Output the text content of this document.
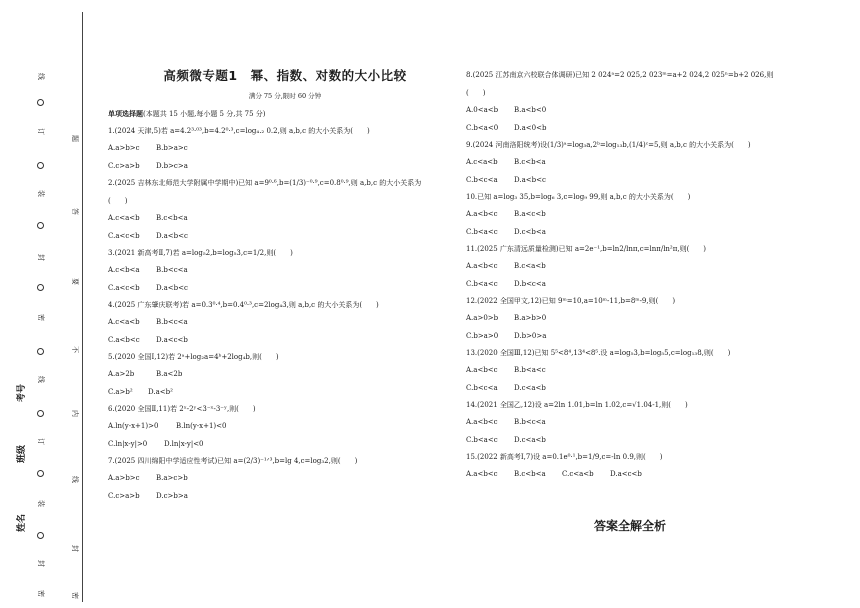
线
订
装
封
密
线
订
装
封
密
题
答
要
不
内
线
封
密
考号
班级
姓名
高频微专题1　幂、指数、对数的大小比较
满分 75 分,限时 60 分钟
单项选择题(本题共 15 小题,每小题 5 分,共 75 分)
1.(2024 天津,5)若 a=4.2³·⁰³,b=4.2⁰·³,c=log₄.₂ 0.2,则 a,b,c 的大小关系为(　　)
A.a>b>c	B.b>a>c
C.c>a>b	D.b>c>a
2.(2025 吉林东北师范大学附属中学期中)已知 a=9⁰·⁶,b=(1/3)⁻⁰·⁹,c=0.8⁰·⁹,则 a,b,c 的大小关系为
(　　)
A.c<a<b	B.c<b<a
C.a<c<b	D.a<b<c
3.(2021 新高考Ⅱ,7)若 a=log₅2,b=log₅3,c=1/2,则(　　)
A.c<b<a	B.b<c<a
C.a<c<b	D.a<b<c
4.(2025 广东肇庆联考)若 a=0.3⁰·⁴,b=0.4⁰·³,c=2log₄3,则 a,b,c 的大小关系为(　　)
A.c<a<b	B.b<c<a
C.a<b<c	D.a<c<b
5.(2020 全国Ⅰ,12)若 2ᵃ+log₂a=4ᵇ+2log₄b,则(　　)
A.a>2b	B.a<2b
C.a>b²	D.a<b²
6.(2020 全国Ⅱ,11)若 2ˣ-2ʸ<3⁻ˣ-3⁻ʸ,则(　　)
A.ln(y-x+1)>0	B.ln(y-x+1)<0
C.ln|x-y|>0	D.ln|x-y|<0
7.(2025 四川绵阳中学适应性考试)已知 a=(2/3)⁻¹ᐟ³,b=lg 4,c=log₃2,则(　　)
A.a>b>c	B.a>c>b
C.c>a>b	D.c>b>a
8.(2025 江苏南京六校联合体调研)已知 2 024ᵃ=2 025,2 023ᵐ=a+2 024,2 025ⁿ=b+2 026,则
(　　)
A.0<a<b	B.a<b<0
C.b<a<0	D.a<0<b
9.(2024 河南洛阳统考)设(1/3)ᵃ=log₃a,2ᵇ=log₁₃b,(1/4)ᶜ=5,则 a,b,c 的大小关系为(　　)
A.c<a<b	B.c<b<a
C.b<c<a	D.a<b<c
10.已知 a=log₃ 35,b=log₆ 3,c=log₉ 99,则 a,b,c 的大小关系为(　　)
A.a<b<c	B.a<c<b
C.b<a<c	D.c<b<a
11.(2025 广东清远质量检测)已知 a=2e⁻¹,b=ln2/lnπ,c=lnπ/ln²π,则(　　)
A.a<b<c	B.c<a<b
C.b<a<c	D.b<c<a
12.(2022 全国甲文,12)已知 9ᵐ=10,a=10ᵐ-11,b=8ᵐ-9,则(　　)
A.a>0>b	B.a>b>0
C.b>a>0	D.b>0>a
13.(2020 全国Ⅲ,12)已知 5⁵<8⁴,13⁴<8⁵.设 a=log₅3,b=log₅5,c=log₁₃8,则(　　)
A.a<b<c	B.b<a<c
C.b<c<a	D.c<a<b
14.(2021 全国乙,12)设 a=2ln 1.01,b=ln 1.02,c=√1.04-1,则(　　)
A.a<b<c	B.b<c<a
C.b<a<c	D.c<a<b
15.(2022 新高考Ⅰ,7)设 a=0.1e⁰·¹,b=1/9,c=-ln 0.9,则(　　)
A.a<b<c	B.c<b<a	C.c<a<b	D.a<c<b
答案全解全析
